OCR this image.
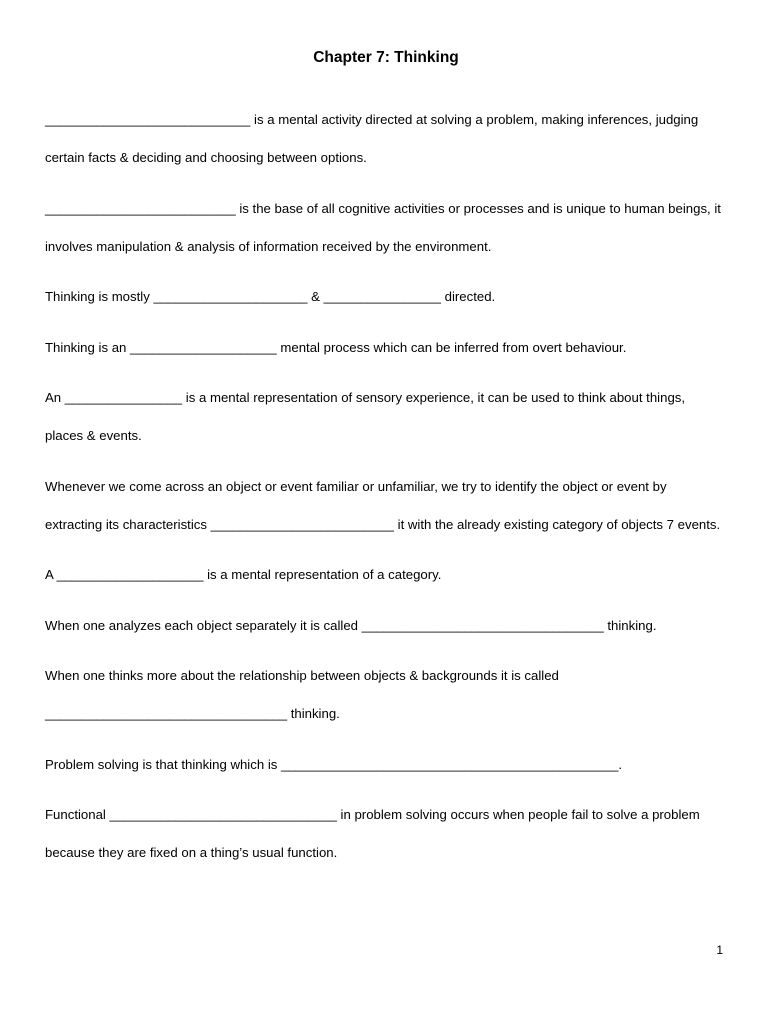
Chapter 7: Thinking

____________________________ is a mental activity directed at solving a problem, making inferences, judging certain facts & deciding and choosing between options.

__________________________ is the base of all cognitive activities or processes and is unique to human beings, it involves manipulation & analysis of information received by the environment.

Thinking is mostly _____________________ & ________________ directed.

Thinking is an ____________________ mental process which can be inferred from overt behaviour.

An ________________ is a mental representation of sensory experience, it can be used to think about things, places & events.

Whenever we come across an object or event familiar or unfamiliar, we try to identify the object or event by extracting its characteristics _________________________ it with the already existing category of objects 7 events.

A ____________________ is a mental representation of a category.

When one analyzes each object separately it is called _________________________________ thinking.

When one thinks more about the relationship between objects & backgrounds it is called _________________________________ thinking.

Problem solving is that thinking which is ______________________________________________.

Functional _______________________________ in problem solving occurs when people fail to solve a problem because they are fixed on a thing’s usual function.

1
